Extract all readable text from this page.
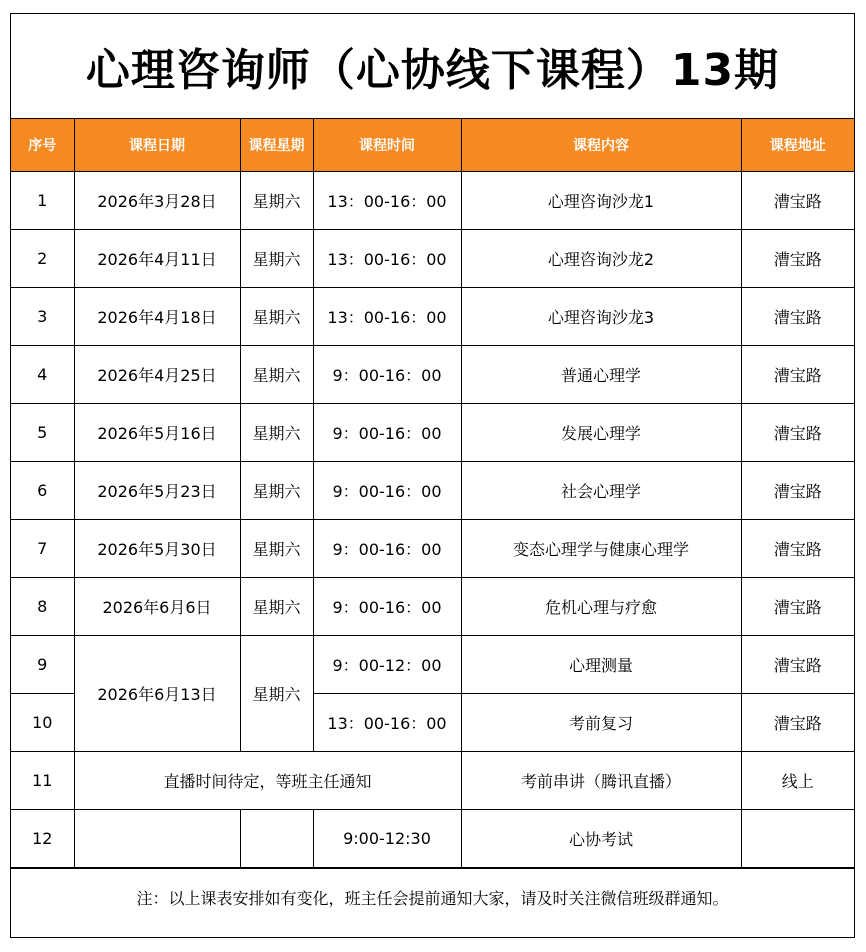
心理咨询师（心协线下课程）13期
序号	课程日期	课程星期	课程时间	课程内容	课程地址
1	2026年3月28日	星期六	13：00-16：00	心理咨询沙龙1	漕宝路
2	2026年4月11日	星期六	13：00-16：00	心理咨询沙龙2	漕宝路
3	2026年4月18日	星期六	13：00-16：00	心理咨询沙龙3	漕宝路
4	2026年4月25日	星期六	9：00-16：00	普通心理学	漕宝路
5	2026年5月16日	星期六	9：00-16：00	发展心理学	漕宝路
6	2026年5月23日	星期六	9：00-16：00	社会心理学	漕宝路
7	2026年5月30日	星期六	9：00-16：00	变态心理学与健康心理学	漕宝路
8	2026年6月6日	星期六	9：00-16：00	危机心理与疗愈	漕宝路
9	2026年6月13日	星期六	9：00-12：00	心理测量	漕宝路
10			13：00-16：00	考前复习	漕宝路
11	直播时间待定，等班主任通知			考前串讲（腾讯直播）	线上
12			9:00-12:30	心协考试	
注：以上课表安排如有变化，班主任会提前通知大家，请及时关注微信班级群通知。
